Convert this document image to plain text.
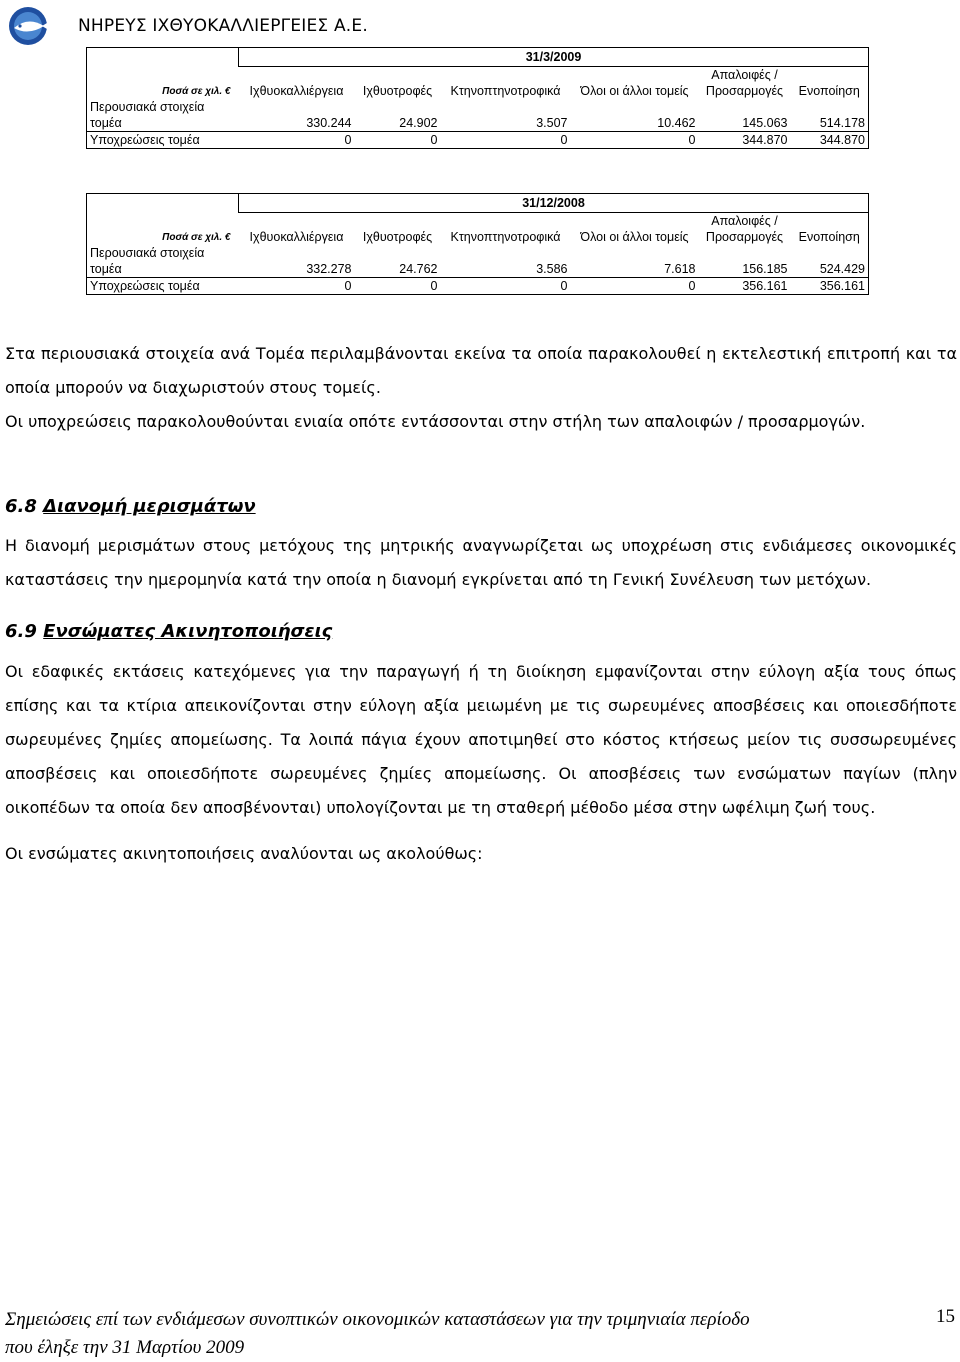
ΝΗΡΕΥΣ ΙΧΘΥΟΚΑΛΛΙΕΡΓΕΙΕΣ Α.Ε.
	31/3/2009					
					Απαλοιφές /	
Ποσά σε χιλ. €	Ιχθυοκαλλιέργεια	Ιχθυοτροφές	Κτηνοπτηνοτροφικά	Όλοι οι άλλοι τομείς	Προσαρμογές	Ενοποίηση
Περουσιακά στοιχεία						
τομέα	330.244	24.902	3.507	10.462	145.063	514.178
Υποχρεώσεις τομέα	0	0	0	0	344.870	344.870
	31/12/2008					
					Απαλοιφές /	
Ποσά σε χιλ. €	Ιχθυοκαλλιέργεια	Ιχθυοτροφές	Κτηνοπτηνοτροφικά	Όλοι οι άλλοι τομείς	Προσαρμογές	Ενοποίηση
Περουσιακά στοιχεία						
τομέα	332.278	24.762	3.586	7.618	156.185	524.429
Υποχρεώσεις τομέα	0	0	0	0	356.161	356.161

Στα περιουσιακά στοιχεία ανά Τομέα περιλαμβάνονται εκείνα τα οποία παρακολουθεί η εκτελεστική επιτροπή και τα οποία μπορούν να διαχωριστούν στους τομείς.

Οι υποχρεώσεις παρακολουθούνται ενιαία οπότε εντάσσονται στην στήλη των απαλοιφών / προσαρμογών.

6.8 Διανομή μερισμάτων

Η διανομή μερισμάτων στους μετόχους της μητρικής αναγνωρίζεται ως υποχρέωση στις ενδιάμεσες οικονομικές καταστάσεις την ημερομηνία κατά την οποία η διανομή εγκρίνεται από τη Γενική Συνέλευση των μετόχων.

6.9 Ενσώματες Ακινητοποιήσεις

Οι εδαφικές εκτάσεις κατεχόμενες για την παραγωγή ή τη διοίκηση εμφανίζονται στην εύλογη αξία τους όπως επίσης και τα κτίρια απεικονίζονται στην εύλογη αξία μειωμένη με τις σωρευμένες αποσβέσεις και οποιεσδήποτε σωρευμένες ζημίες απομείωσης. Τα λοιπά πάγια έχουν αποτιμηθεί στο κόστος κτήσεως μείον τις συσσωρευμένες αποσβέσεις και οποιεσδήποτε σωρευμένες ζημίες απομείωσης. Οι αποσβέσεις των ενσώματων παγίων (πλην οικοπέδων τα οποία δεν αποσβένονται) υπολογίζονται με τη σταθερή μέθοδο μέσα στην ωφέλιμη ζωή τους.

Οι ενσώματες ακινητοποιήσεις αναλύονται ως ακολούθως:

Σημειώσεις επί των ενδιάμεσων συνοπτικών οικονομικών καταστάσεων για την τριμηνιαία περίοδο
που έληξε την 31 Μαρτίου 2009
15
